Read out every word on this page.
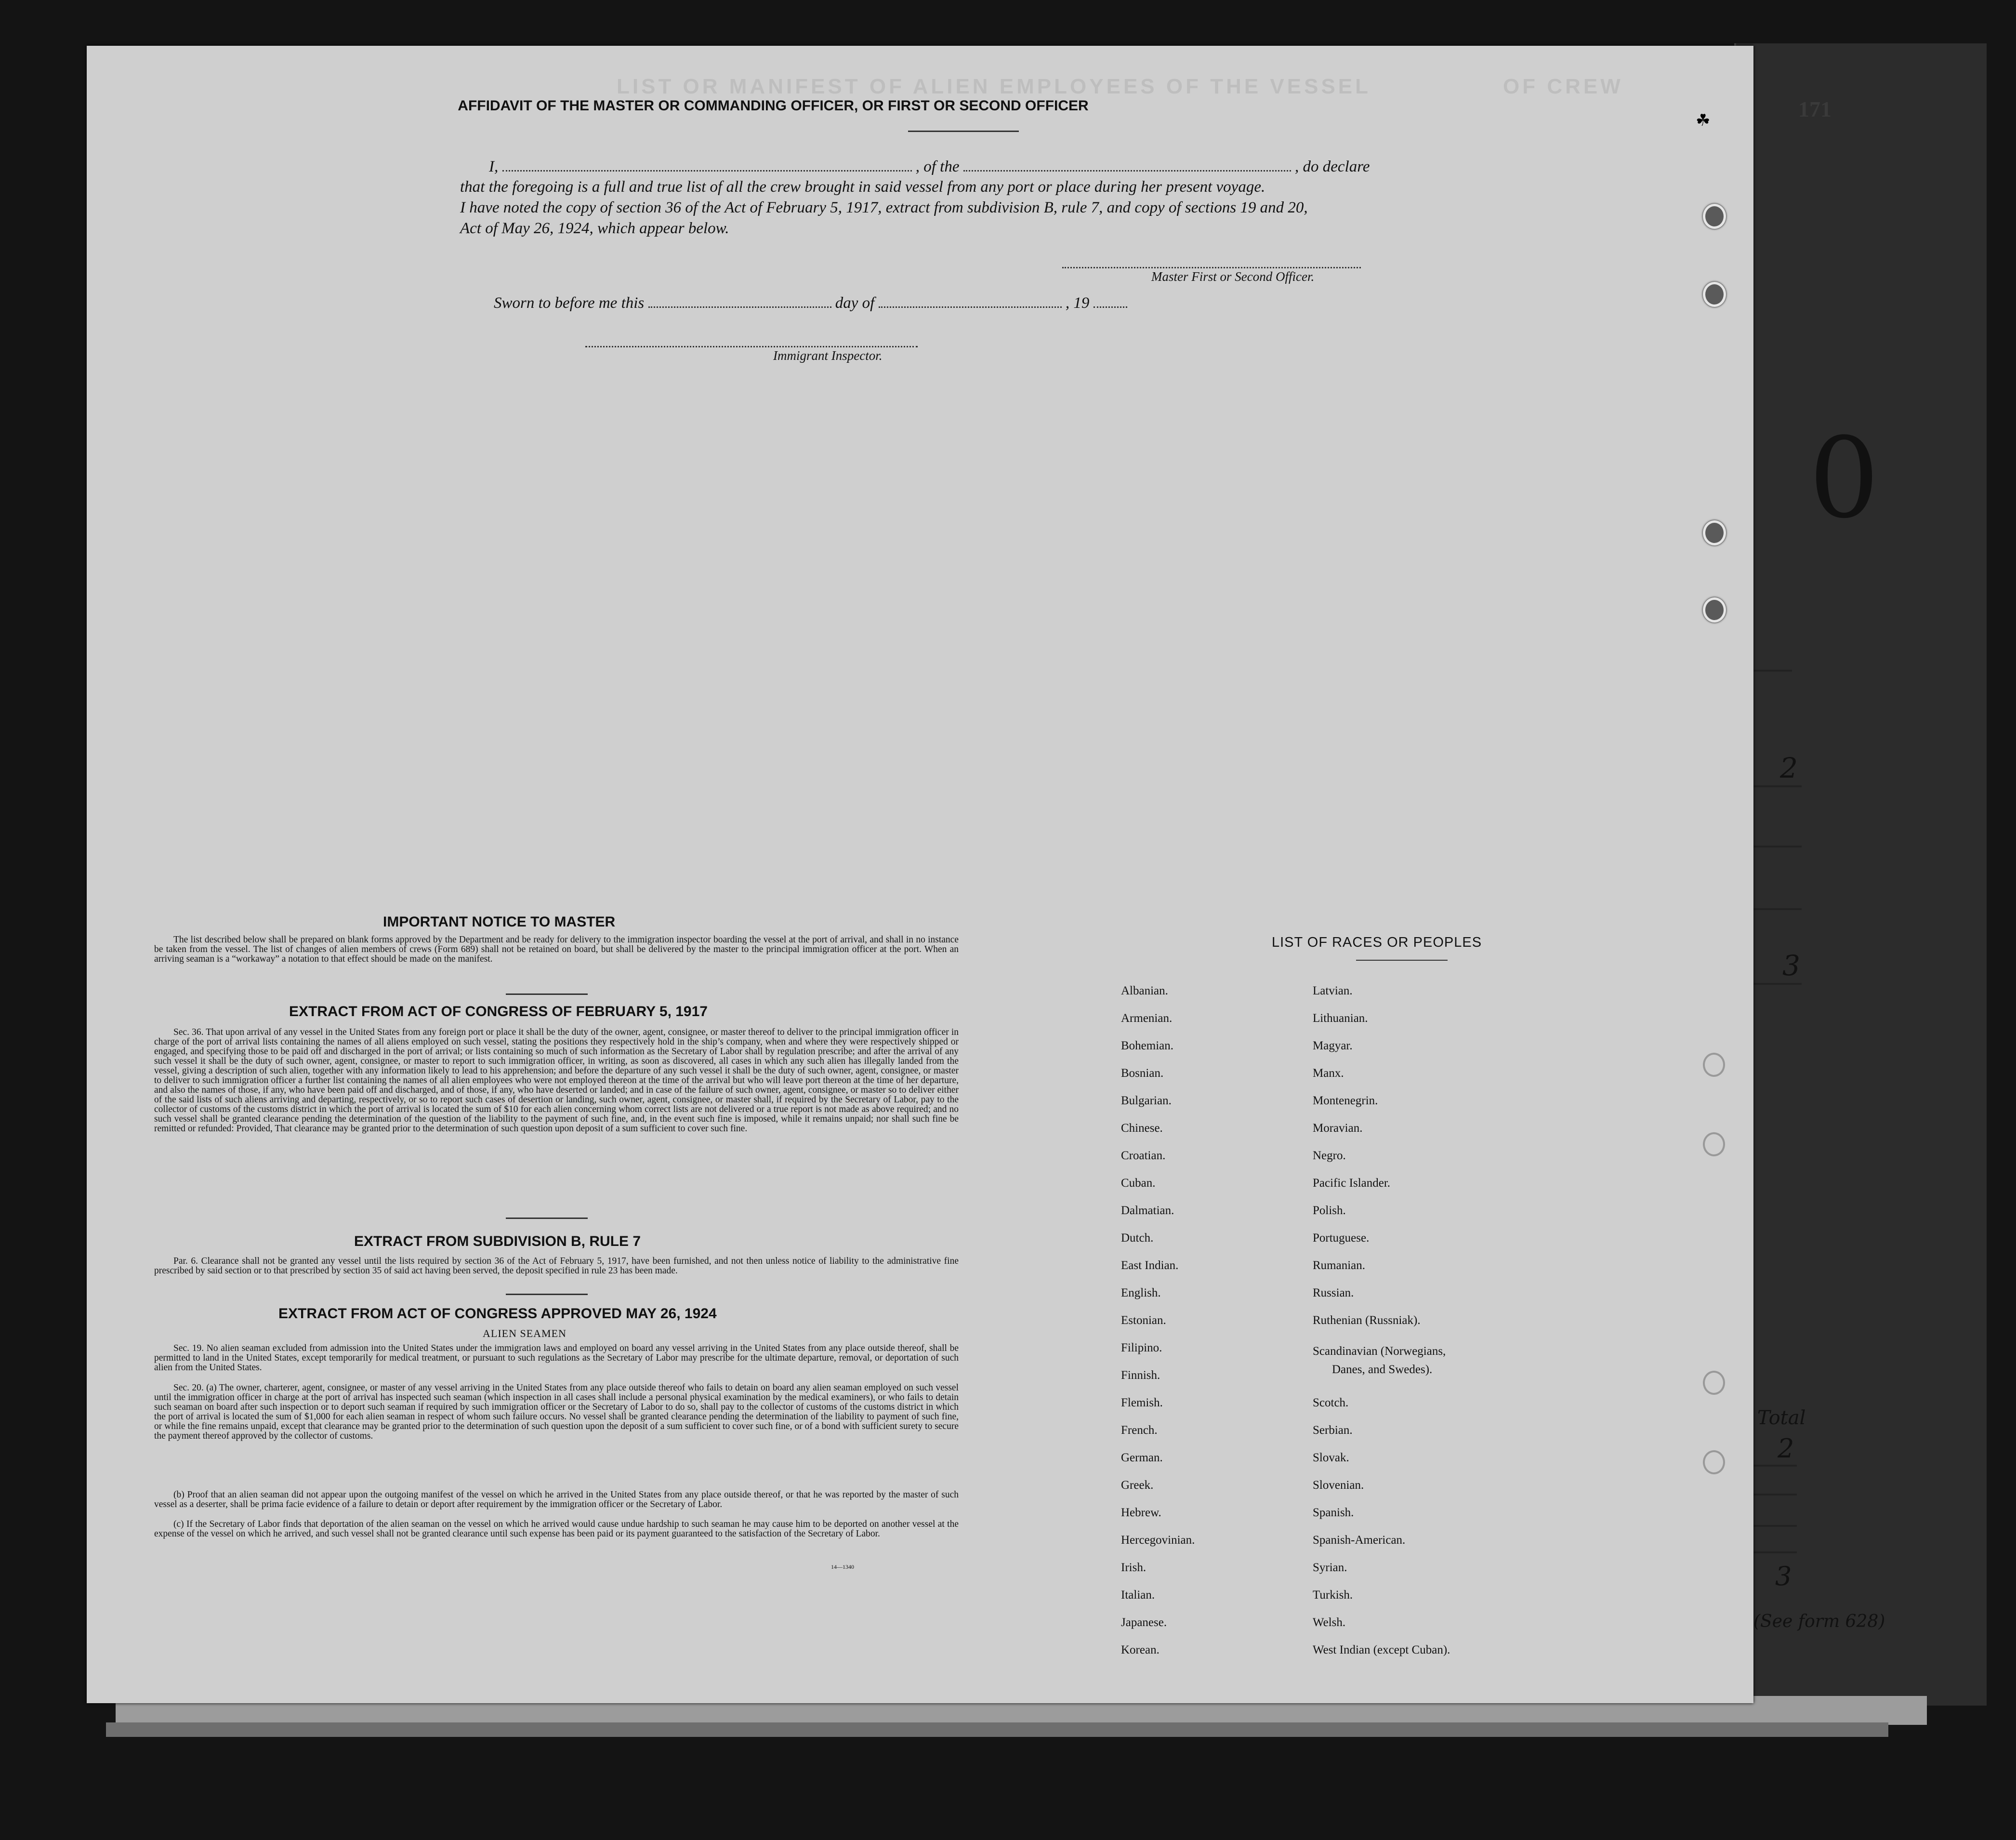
0
2
3
Total
2
3
(See form 628)
171
LIST OR MANIFEST OF ALIEN EMPLOYEES OF THE VESSEL	OF CREW
AFFIDAVIT OF THE MASTER OR COMMANDING OFFICER, OR FIRST OR SECOND OFFICER
I,	, of the	, do declare
that the foregoing is a full and true list of all the crew brought in said vessel from any port or place during her present voyage.
I have noted the copy of section 36 of the Act of February 5, 1917, extract from subdivision B, rule 7, and copy of sections 19 and 20,
Act of May 26, 1924, which appear below.
Master First or Second Officer.
Sworn to before me this	day of	, 19
Immigrant Inspector.
IMPORTANT NOTICE TO MASTER

The list described below shall be prepared on blank forms approved by the Department and be ready for delivery to the immigration inspector boarding the vessel at the port of arrival, and shall in no instance be taken from the vessel. The list of changes of alien members of crews (Form 689) shall not be retained on board, but shall be delivered by the master to the principal immigration officer at the port. When an arriving seaman is a “workaway” a notation to that effect should be made on the manifest.

EXTRACT FROM ACT OF CONGRESS OF FEBRUARY 5, 1917

Sec. 36. That upon arrival of any vessel in the United States from any foreign port or place it shall be the duty of the owner, agent, consignee, or master thereof to deliver to the principal immigration officer in charge of the port of arrival lists containing the names of all aliens employed on such vessel, stating the positions they respectively hold in the ship’s company, when and where they were respectively shipped or engaged, and specifying those to be paid off and discharged in the port of arrival; or lists containing so much of such information as the Secretary of Labor shall by regulation prescribe; and after the arrival of any such vessel it shall be the duty of such owner, agent, consignee, or master to report to such immigration officer, in writing, as soon as discovered, all cases in which any such alien has illegally landed from the vessel, giving a description of such alien, together with any information likely to lead to his apprehension; and before the departure of any such vessel it shall be the duty of such owner, agent, consignee, or master to deliver to such immigration officer a further list containing the names of all alien employees who were not employed thereon at the time of the arrival but who will leave port thereon at the time of her departure, and also the names of those, if any, who have been paid off and discharged, and of those, if any, who have deserted or landed; and in case of the failure of such owner, agent, consignee, or master so to deliver either of the said lists of such aliens arriving and departing, respectively, or so to report such cases of desertion or landing, such owner, agent, consignee, or master shall, if required by the Secretary of Labor, pay to the collector of customs of the customs district in which the port of arrival is located the sum of $10 for each alien concerning whom correct lists are not delivered or a true report is not made as above required; and no such vessel shall be granted clearance pending the determination of the question of the liability to the payment of such fine, and, in the event such fine is imposed, while it remains unpaid; nor shall such fine be remitted or refunded: Provided, That clearance may be granted prior to the determination of such question upon deposit of a sum sufficient to cover such fine.

EXTRACT FROM SUBDIVISION B, RULE 7

Par. 6. Clearance shall not be granted any vessel until the lists required by section 36 of the Act of February 5, 1917, have been furnished, and not then unless notice of liability to the administrative fine prescribed by said section or to that prescribed by section 35 of said act having been served, the deposit specified in rule 23 has been made.

EXTRACT FROM ACT OF CONGRESS APPROVED MAY 26, 1924
ALIEN SEAMEN

Sec. 19. No alien seaman excluded from admission into the United States under the immigration laws and employed on board any vessel arriving in the United States from any place outside thereof, shall be permitted to land in the United States, except temporarily for medical treatment, or pursuant to such regulations as the Secretary of Labor may prescribe for the ultimate departure, removal, or deportation of such alien from the United States.

Sec. 20. (a) The owner, charterer, agent, consignee, or master of any vessel arriving in the United States from any place outside thereof who fails to detain on board any alien seaman employed on such vessel until the immigration officer in charge at the port of arrival has inspected such seaman (which inspection in all cases shall include a personal physical examination by the medical examiners), or who fails to detain such seaman on board after such inspection or to deport such seaman if required by such immigration officer or the Secretary of Labor to do so, shall pay to the collector of customs of the customs district in which the port of arrival is located the sum of $1,000 for each alien seaman in respect of whom such failure occurs. No vessel shall be granted clearance pending the determination of the liability to payment of such fine, or while the fine remains unpaid, except that clearance may be granted prior to the determination of such question upon the deposit of a sum sufficient to cover such fine, or of a bond with sufficient surety to secure the payment thereof approved by the collector of customs.

(b) Proof that an alien seaman did not appear upon the outgoing manifest of the vessel on which he arrived in the United States from any place outside thereof, or that he was reported by the master of such vessel as a deserter, shall be prima facie evidence of a failure to detain or deport after requirement by the immigration officer or the Secretary of Labor.

(c) If the Secretary of Labor finds that deportation of the alien seaman on the vessel on which he arrived would cause undue hardship to such seaman he may cause him to be deported on another vessel at the expense of the vessel on which he arrived, and such vessel shall not be granted clearance until such expense has been paid or its payment guaranteed to the satisfaction of the Secretary of Labor.

14—1340
LIST OF RACES OR PEOPLES
Albanian.
Armenian.
Bohemian.
Bosnian.
Bulgarian.
Chinese.
Croatian.
Cuban.
Dalmatian.
Dutch.
East Indian.
English.
Estonian.
Filipino.
Finnish.
Flemish.
French.
German.
Greek.
Hebrew.
Hercegovinian.
Irish.
Italian.
Japanese.
Korean.
Latvian.
Lithuanian.
Magyar.
Manx.
Montenegrin.
Moravian.
Negro.
Pacific Islander.
Polish.
Portuguese.
Rumanian.
Russian.
Ruthenian (Russniak).
Scandinavian (Norwegians,
Danes, and Swedes).
Scotch.
Serbian.
Slovak.
Slovenian.
Spanish.
Spanish-American.
Syrian.
Turkish.
Welsh.
West Indian (except Cuban).
☘
